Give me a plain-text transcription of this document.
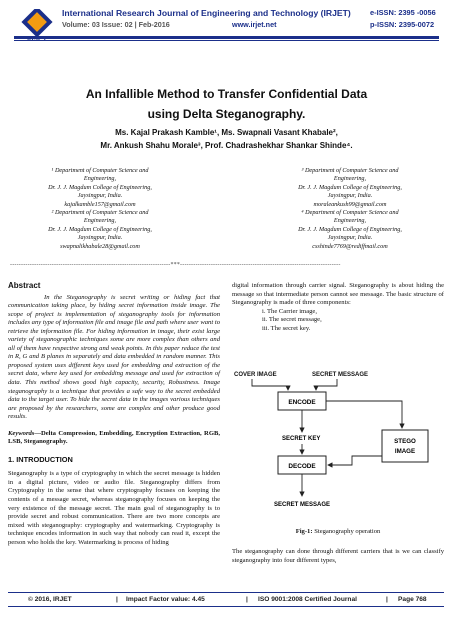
International Research Journal of Engineering and Technology (IRJET)	e-ISSN: 2395 -0056
Volume: 03 Issue: 02 | Feb-2016	www.irjet.net	p-ISSN: 2395-0072
An Infallible Method to Transfer Confidential Data
using Delta Steganography.
Ms. Kajal Prakash Kamble¹, Ms. Swapnali Vasant Khabale²,
Mr. Ankush Shahu Morale³, Prof. Chadrashekhar Shankar Shinde⁴.
¹ Department of Computer Science and
Engineering,
Dr. J. J. Magdum College of Engineering,
Jaysingpur, India.
kajalkamble157@gmail.com
² Department of Computer Science and
Engineering,
Dr. J. J. Magdum College of Engineering,
Jaysingpur, India.
swapnalikhabale28@gmail.com
³ Department of Computer Science and
Engineering,
Dr. J. J. Magdum College of Engineering,
Jaysingpur, India.
moraleankush99@gmail.com
⁴ Department of Computer Science and
Engineering,
Dr. J. J. Magdum College of Engineering,
Jaysingpur, India.
csshinde7769@rediffmail.com
-------------------------------------------------------------------------***-------------------------------------------------------------------------
Abstract
In the Steganography is secret writing or hiding fact that communication taking place, by hiding secret information inside image. The scope of project is implementation of steganography tools for information includes any type of information file and image file and path where user want to retrieve the information file. For hiding information in image, their exist large variety of steganographic techniques some are more complex than others and all of them have respective strong and weak points. In this paper reduce the test in R, G and B planes in separately and data embedded in random manner. This proposed system uses different keys used for embedding and extraction of the secret data, where key used for embedding message and used for extraction of data. This method shows good high capacity, security, Robustness. Image steganography is a technique that provides a safe way to the secret embedded data to the target user. To hide the secret data in the images various techniques are proposed by the researchers, some are complex and other produce good results.
Keywords—Delta Compression, Embedding, Encryption Extraction, RGB, LSB, Steganography.
1. INTRODUCTION
Steganography is a type of cryptography in which the secret message is hidden in a digital picture, video or audio file. Steganography differs from Cryptography in the sense that where cryptography focuses on keeping the contents of a message secret, whereas steganography focuses on keeping the very existence of the message secret. The main goal of steganography is to provide secret and robust communication. There are two more concepts are mixed with steganography: cryptography and watermarking. Cryptography is technique encodes information in such way that nobody can read it, except the person who holds the key. Watermarking is process of hiding
digital information through carrier signal. Steganography is about hiding the message so that intermediate person cannot see message. The basic structure of Steganography is made of three components:
i. The Carrier image,
ii. The secret message,
iii. The secret key.
COVER IMAGE	SECRET MESSAGE
ENCODE
SECRET KEY
DECODE
STEGO
IMAGE
SECRET MESSAGE
Fig-1: Steganography operation
The steganography can done through different carriers that is we can classify steganography into four different types,
© 2016, IRJET	| Impact Factor value: 4.45	| ISO 9001:2008 Certified Journal	| Page 768
